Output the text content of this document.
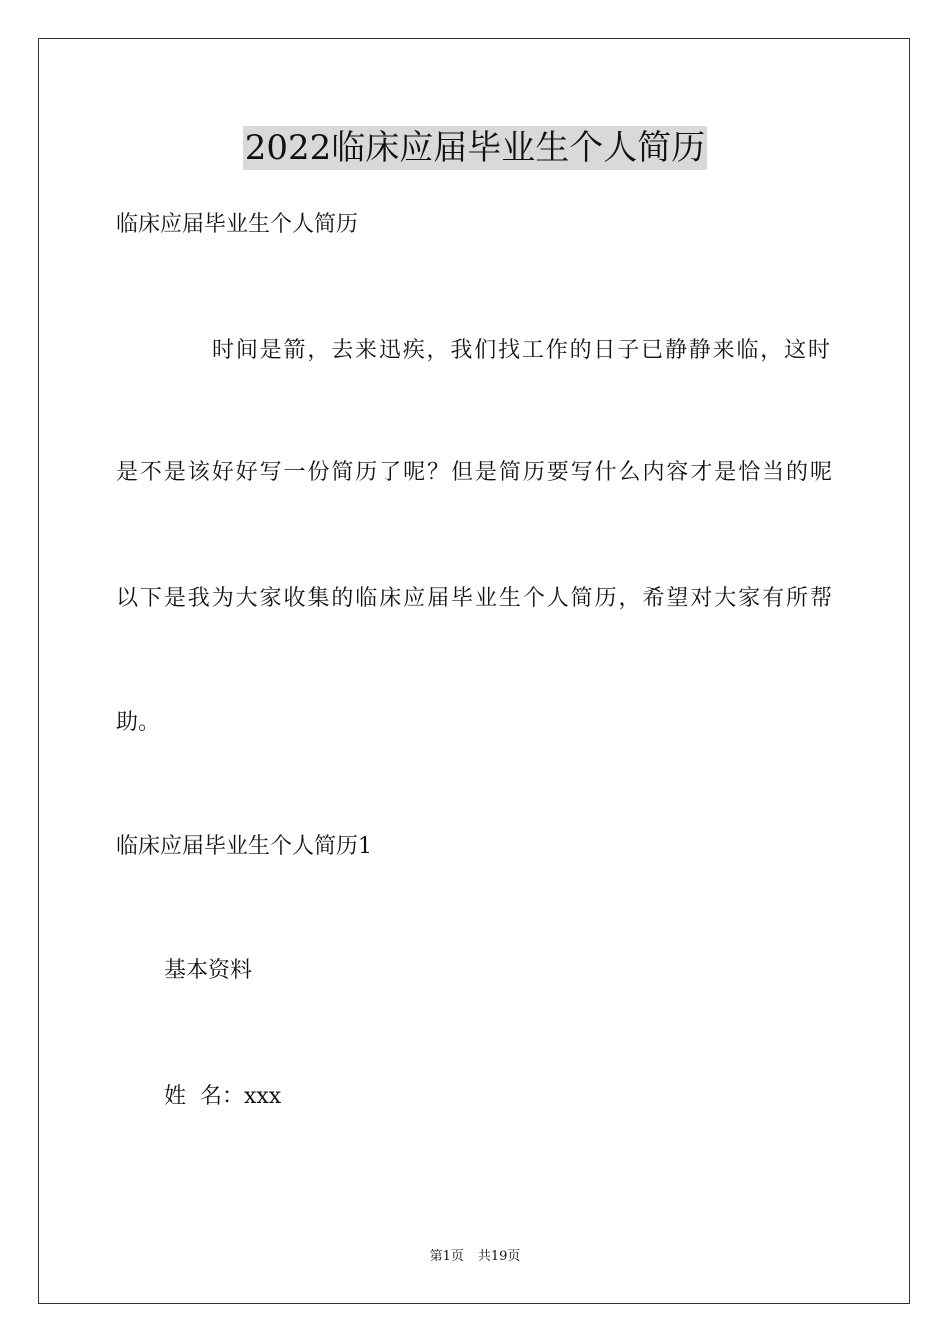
2022临床应届毕业生个人简历
临床应届毕业生个人简历
时间是箭，去来迅疾，我们找工作的日子已静静来临，这时
是不是该好好写一份简历了呢？但是简历要写什么内容才是恰当的呢
以下是我为大家收集的临床应届毕业生个人简历，希望对大家有所帮
助。
临床应届毕业生个人简历1
基本资料
姓  名：xxx
第1页 共19页
